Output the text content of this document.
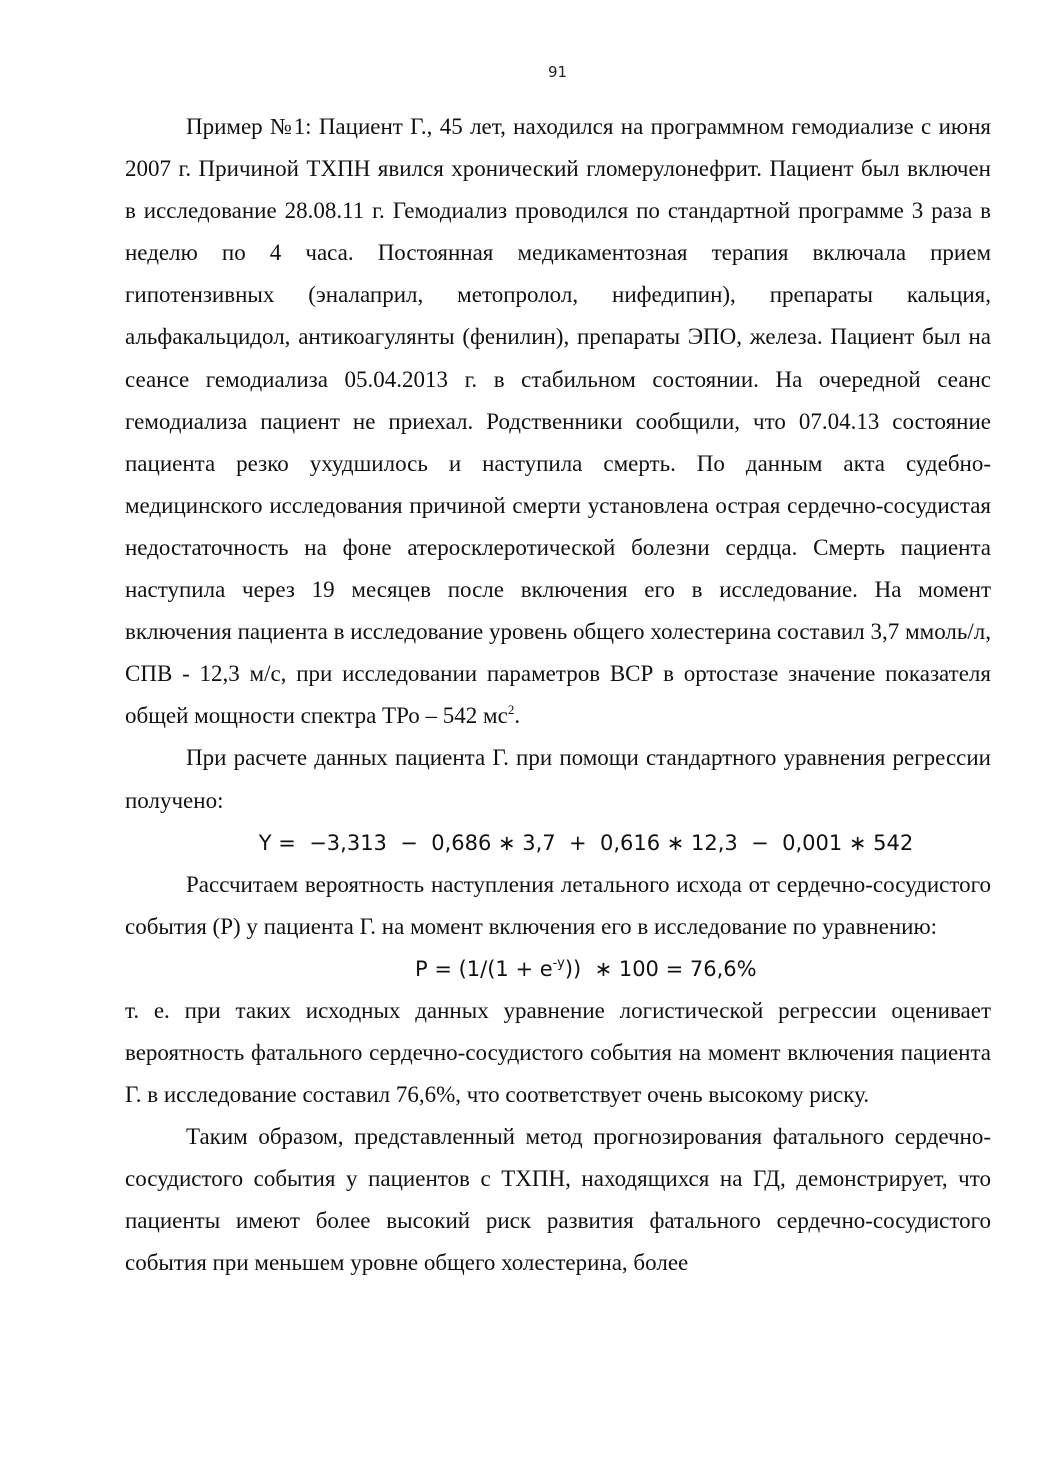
91

Пример №1: Пациент Г., 45 лет, находился на программном гемодиализе с июня 2007 г. Причиной ТХПН явился хронический гломерулонефрит. Пациент был включен в исследование 28.08.11 г. Гемодиализ проводился по стандартной программе 3 раза в неделю по 4 часа. Постоянная медикаментозная терапия включала прием гипотензивных (эналаприл, метопролол, нифедипин), препараты кальция, альфакальцидол, антикоагулянты (фенилин), препараты ЭПО, железа. Пациент был на сеансе гемодиализа 05.04.2013 г. в стабильном состоянии. На очередной сеанс гемодиализа пациент не приехал. Родственники сообщили, что 07.04.13 состояние пациента резко ухудшилось и наступила смерть. По данным акта судебно-медицинского исследования причиной смерти установлена острая сердечно-сосудистая недостаточность на фоне атеросклеротической болезни сердца. Смерть пациента наступила через 19 месяцев после включения его в исследование. На момент включения пациента в исследование уровень общего холестерина составил 3,7 ммоль/л, СПВ - 12,3 м/с, при исследовании параметров ВСР в ортостазе значение показателя общей мощности спектра ТРо – 542 $мс^2$.

При расчете данных пациента Г. при помощи стандартного уравнения регрессии получено:

Y =  −3,313  −  0,686 ∗ 3,7  +  0,616 ∗ 12,3  −  0,001 ∗ 542

Рассчитаем вероятность наступления летального исхода от сердечно-сосудистого события (Р) у пациента Г. на момент включения его в исследование по уравнению:

$P = (1/(1 + e^{-y}))$  ∗ 100 = 76,6%

т. е. при таких исходных данных уравнение логистической регрессии оценивает вероятность фатального сердечно-сосудистого события на момент включения пациента Г. в исследование составил 76,6%, что соответствует очень высокому риску.

Таким образом, представленный метод прогнозирования фатального сердечно-сосудистого события у пациентов с ТХПН, находящихся на ГД, демонстрирует, что пациенты имеют более высокий риск развития фатального сердечно-сосудистого события при меньшем уровне общего холестерина, более
